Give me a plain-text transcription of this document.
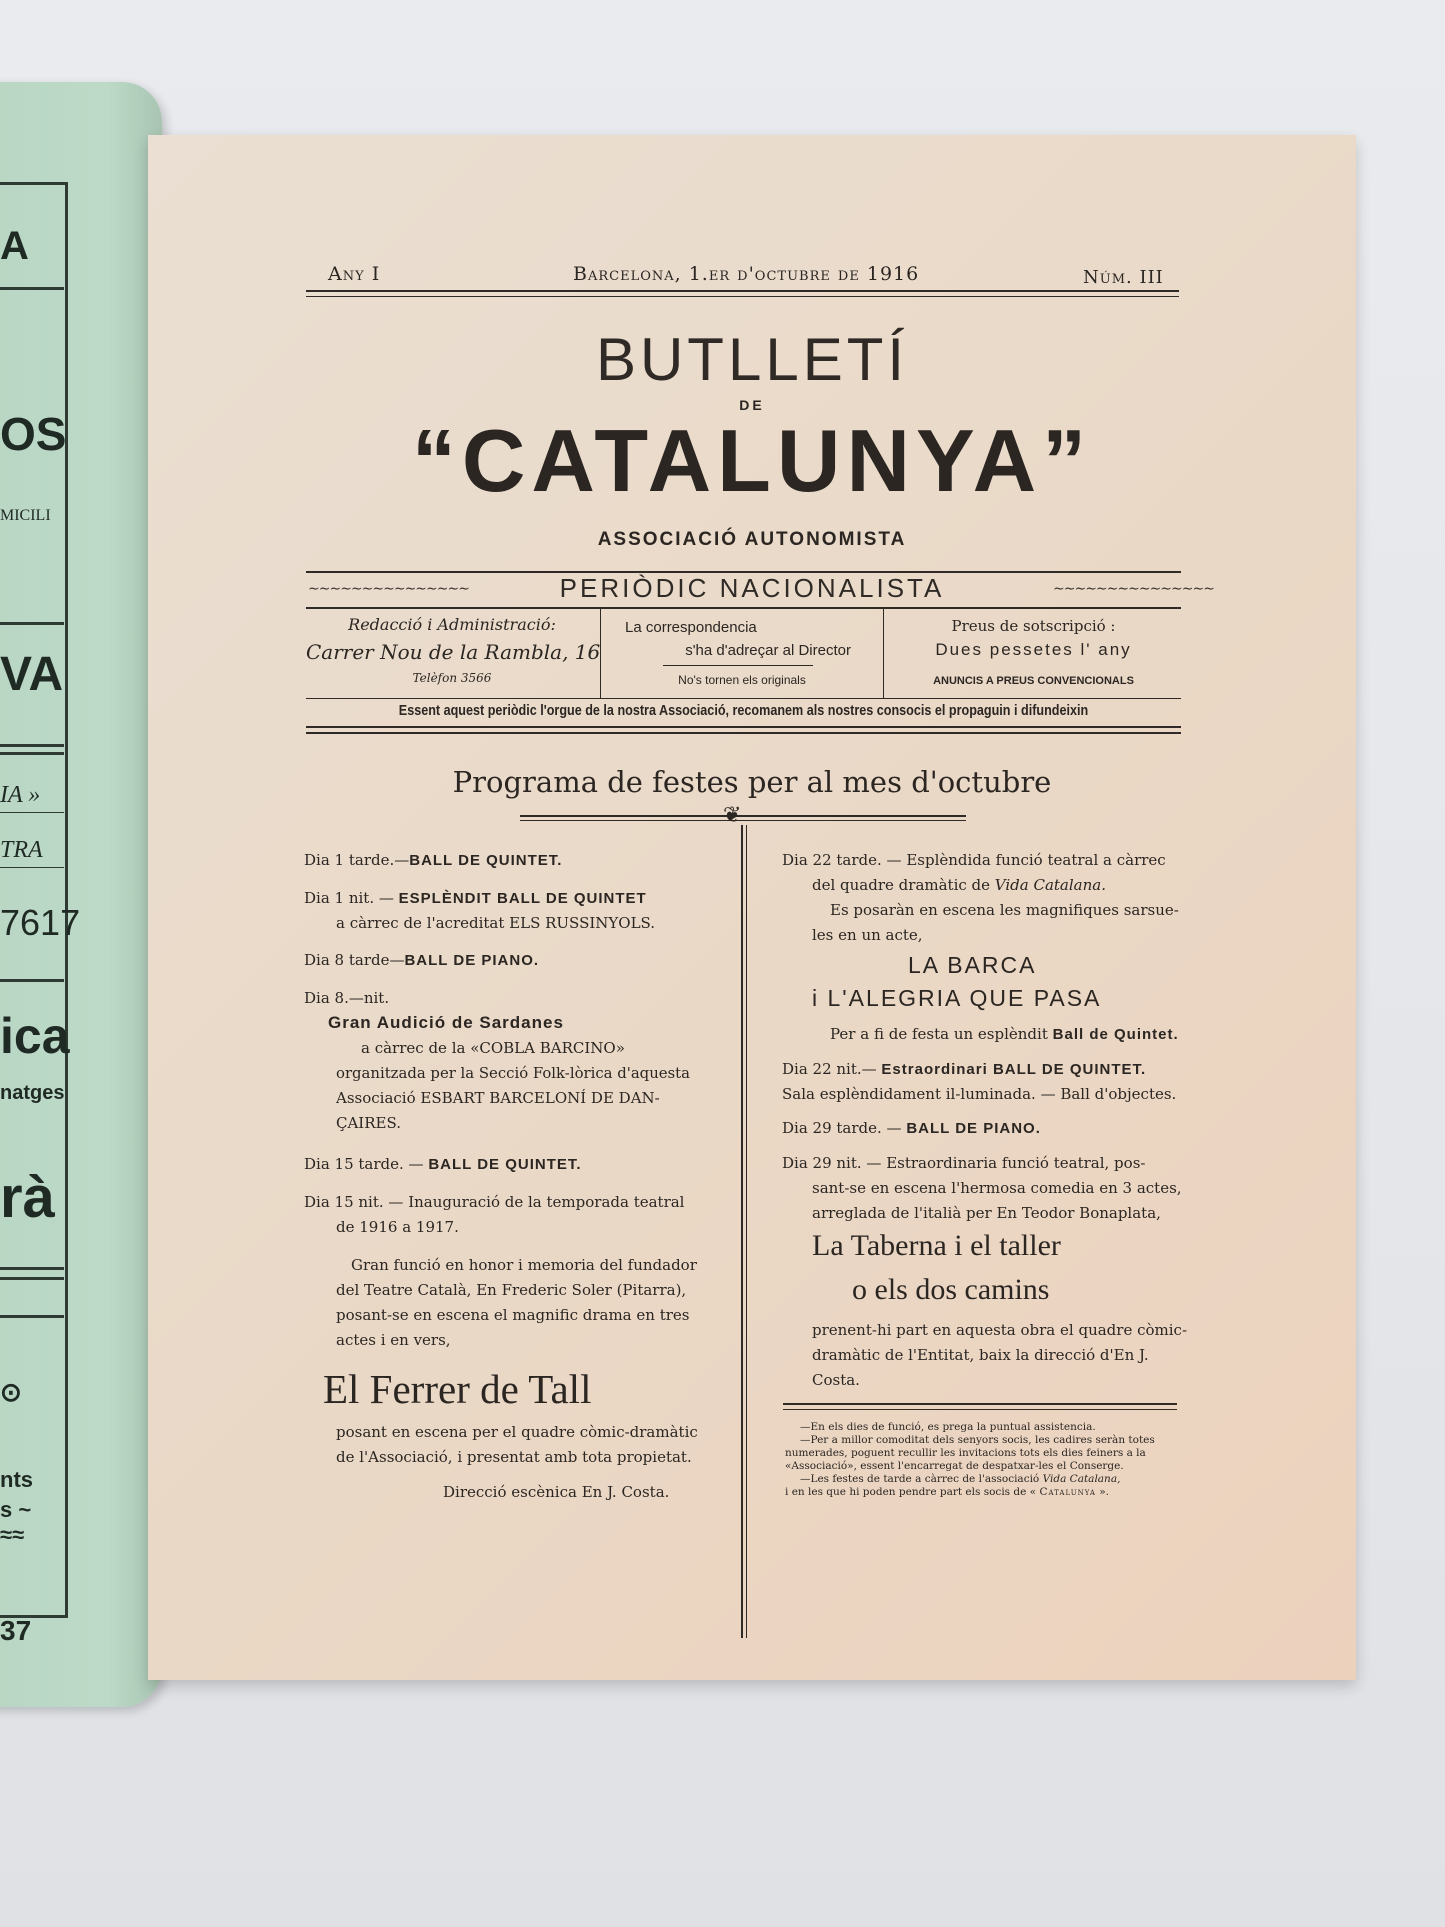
A
OS
MICILI
VA
IA »
TRA
7617
ica
natges
rà
⊙
nts
s ~
≈≈
37
Any I	Barcelona, 1.er d'octubre de 1916	Núm. III
BUTLLETÍ
DE
“CATALUNYA”
ASSOCIACIÓ AUTONOMISTA
∼∼∼∼∼∼∼∼∼∼∼∼∼∼∼	∼∼∼∼∼∼∼∼∼∼∼∼∼∼∼
PERIÒDIC NACIONALISTA
Redacció i Administració:
Carrer Nou de la Rambla, 16
Telèfon 3566
La correspondencia
s'ha d'adreçar al Director
No's tornen els originals
Preus de sotscripció :
Dues pessetes l' any
ANUNCIS A PREUS CONVENCIONALS
Essent aquest periòdic l'orgue de la nostra Associació, recomanem als nostres consocis el propaguin i difundeixin
Programa de festes per al mes d'octubre
❦
Dia 1 tarde.—BALL DE QUINTET.
Dia 1 nit. — ESPLÈNDIT BALL DE QUINTET
a càrrec de l'acreditat ELS RUSSINYOLS.
Dia 8 tarde—BALL DE PIANO.
Dia 8.—nit.
Gran Audició de Sardanes
a càrrec de la «COBLA BARCINO»
organitzada per la Secció Folk-lòrica d'aquesta
Associació ESBART BARCELONÍ DE DAN-
ÇAIRES.
Dia 15 tarde. — BALL DE QUINTET.
Dia 15 nit. — Inauguració de la temporada teatral
de 1916 a 1917.
Gran funció en honor i memoria del fundador
del Teatre Català, En Frederic Soler (Pitarra),
posant-se en escena el magnific drama en tres
actes i en vers,
El Ferrer de Tall
posant en escena per el quadre còmic-dramàtic
de l'Associació, i presentat amb tota propietat.
Direcció escènica En J. Costa.
Dia 22 tarde. — Esplèndida funció teatral a càrrec
del quadre dramàtic de Vida Catalana.
Es posaràn en escena les magnifiques sarsue-
les en un acte,
LA BARCA
i L'ALEGRIA QUE PASA
Per a fi de festa un esplèndit Ball de Quintet.
Dia 22 nit.— Estraordinari BALL DE QUINTET.
Sala esplèndidament il-luminada. — Ball d'objectes.
Dia 29 tarde. — BALL DE PIANO.
Dia 29 nit. — Estraordinaria funció teatral, pos-
sant-se en escena l'hermosa comedia en 3 actes,
arreglada de l'italià per En Teodor Bonaplata,
La Taberna i el taller
o els dos camins
prenent-hi part en aquesta obra el quadre còmic-
dramàtic de l'Entitat, baix la direcció d'En J.
Costa.
—En els dies de funció, es prega la puntual assistencia.
—Per a millor comoditat dels senyors socis, les cadires seràn totes
numerades, poguent recullir les invitacions tots els dies feiners a la
«Associació», essent l'encarregat de despatxar-les el Conserge.
—Les festes de tarde a càrrec de l'associació Vida Catalana,
i en les que hi poden pendre part els socis de « Catalunya ».
